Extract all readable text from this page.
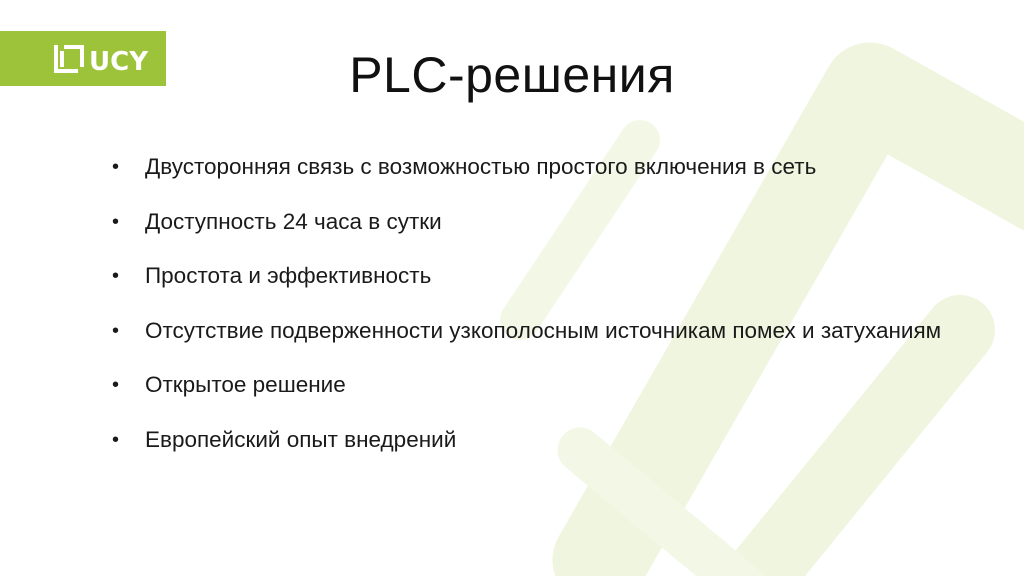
UCY	PLC-решения
• Двусторонняя связь с возможностью простого включения в сеть
• Доступность 24 часа в сутки
• Простота и эффективность
• Отсутствие подверженности узкополосным источникам помех и затуханиям
• Открытое решение
• Европейский опыт внедрений
